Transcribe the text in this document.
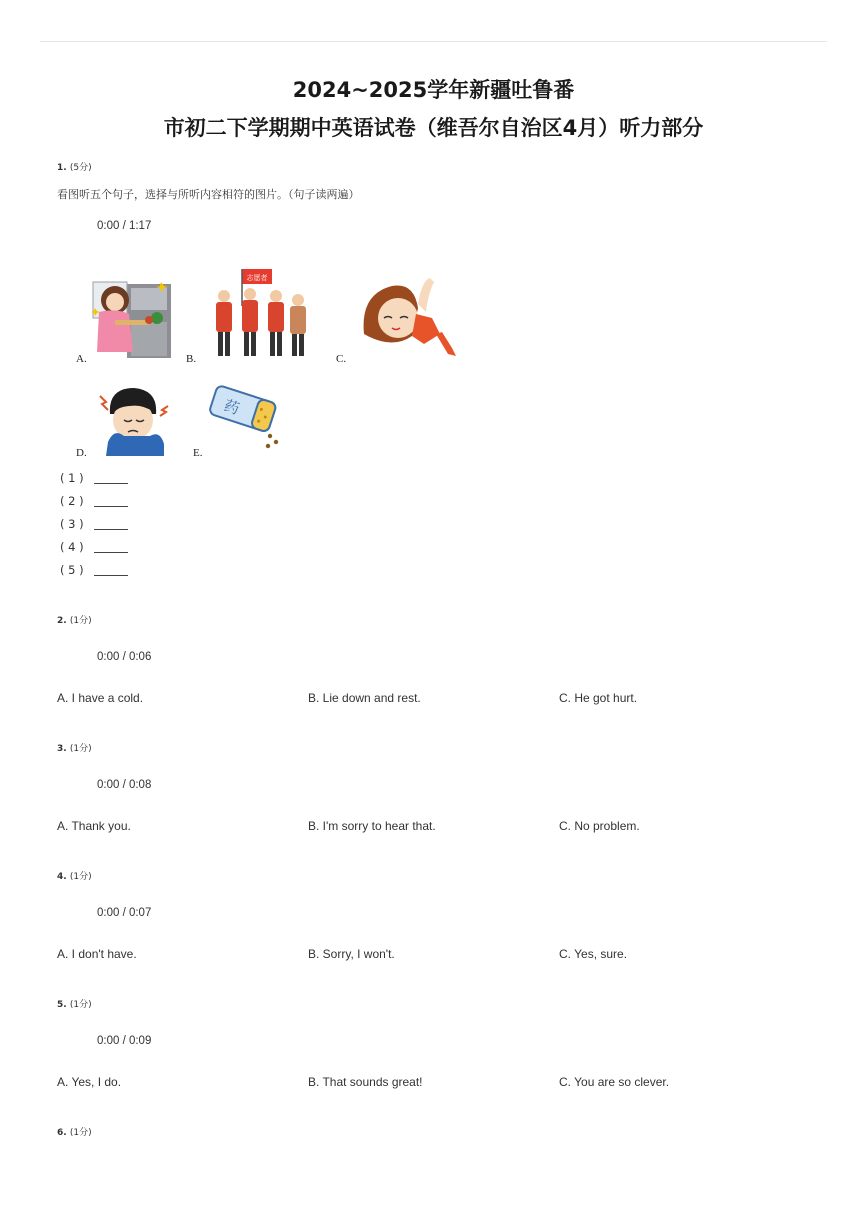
2024~2025学年新疆吐鲁番
市初二下学期期中英语试卷（维吾尔自治区4月）听力部分
1. (5分)
看图听五个句子，选择与所听内容相符的图片。（句子读两遍）
0:00 / 1:17
A.
志愿者
B.	C.
D.
药
E.
( 1 )
( 2 )
( 3 )
( 4 )
( 5 )
2. (1分)
0:00 / 0:06
A. I have a cold.	B. Lie down and rest.	C. He got hurt.
3. (1分)
0:00 / 0:08
A. Thank you.	B. I'm sorry to hear that.	C. No problem.
4. (1分)
0:00 / 0:07
A. I don't have.	B. Sorry, I won't.	C. Yes, sure.
5. (1分)
0:00 / 0:09
A. Yes, I do.	B. That sounds great!	C. You are so clever.
6. (1分)
